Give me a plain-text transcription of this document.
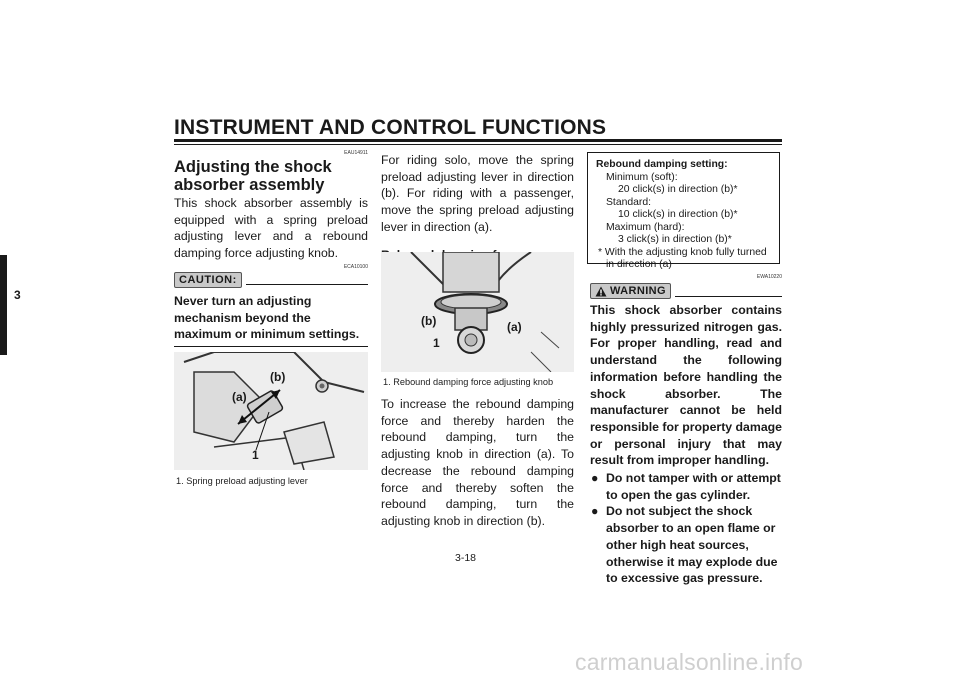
INSTRUMENT AND CONTROL FUNCTIONS
3
EAU14911
Adjusting the shock absorber assembly
This shock absorber assembly is equipped with a spring preload adjusting lever and a rebound damping force adjusting knob.
ECA10100
CAUTION:
Never turn an adjusting mechanism beyond the maximum or minimum settings.
(a)
(b)
1
1. Spring preload adjusting lever
For riding solo, move the spring preload adjusting lever in direction (b). For riding with a passenger, move the spring preload adjusting lever in direction (a).
(b)	(a)
1
1. Rebound damping force adjusting knob
To increase the rebound damping force and thereby harden the rebound damping, turn the adjusting knob in direction (a). To decrease the rebound damping force and thereby soften the rebound damping, turn the adjusting knob in direction (b).
Rebound damping setting:
Minimum (soft):
20 click(s) in direction (b)*
Standard:
10 click(s) in direction (b)*
Maximum (hard):
3 click(s) in direction (b)*
* With the adjusting knob fully turned in direction (a)
EWA10220
WARNING
This shock absorber contains highly pressurized nitrogen gas. For proper handling, read and understand the following information before handling the shock absorber. The manufacturer cannot be held responsible for property damage or personal injury that may result from improper handling.
● Do not tamper with or attempt to open the gas cylinder.
● Do not subject the shock absorber to an open flame or other high heat sources, otherwise it may explode due to excessive gas pressure.
3-18
carmanualsonline.info
